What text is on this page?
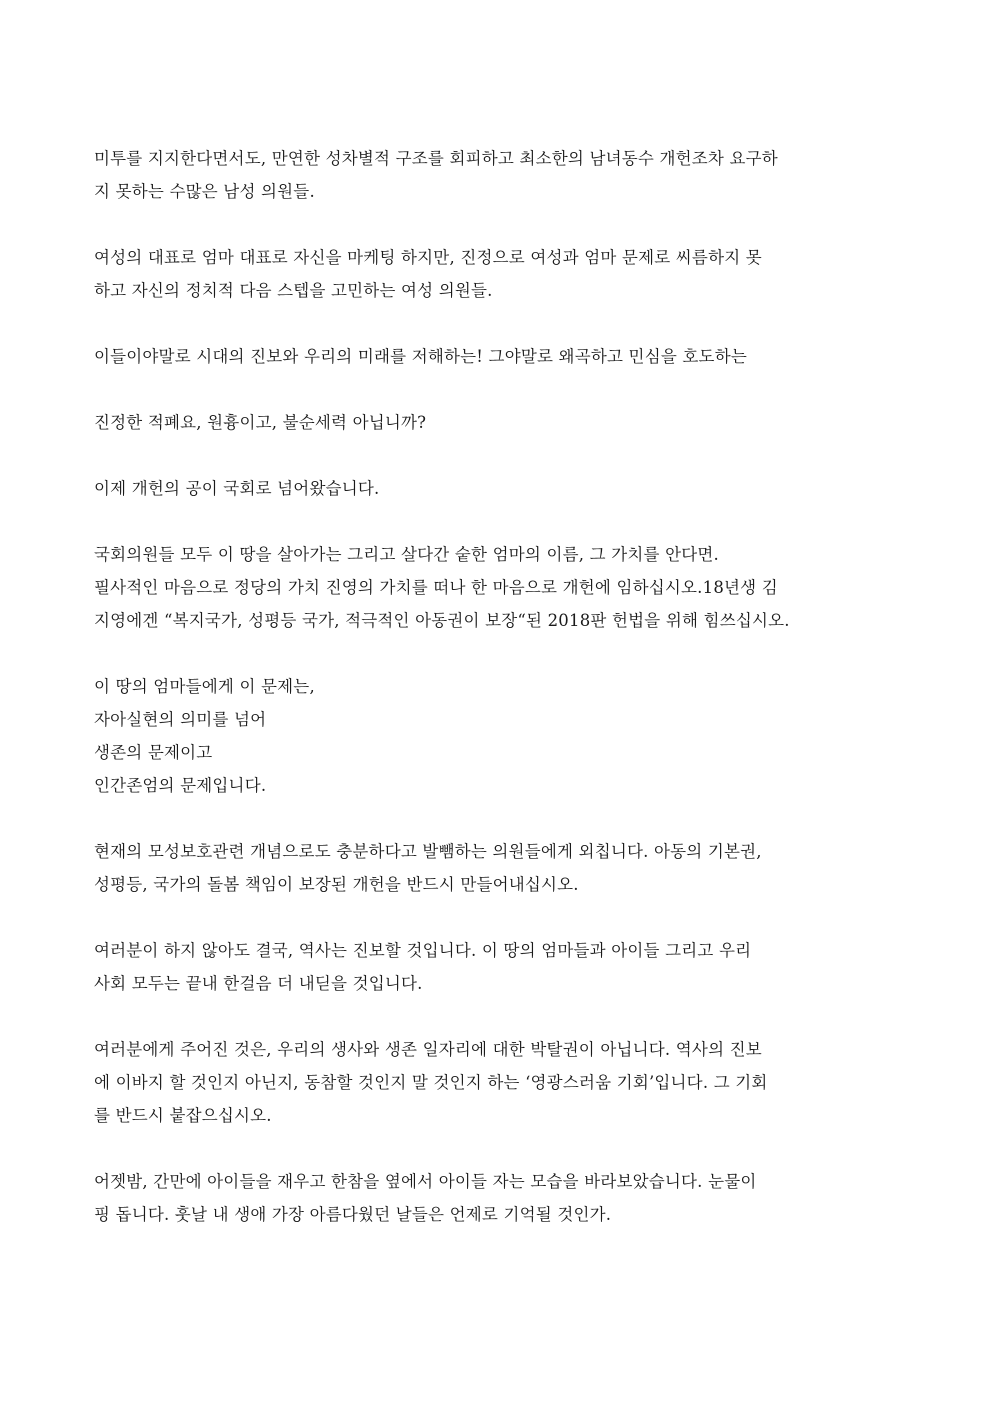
미투를 지지한다면서도, 만연한 성차별적 구조를 회피하고 최소한의 남녀동수 개헌조차 요구하
지 못하는 수많은 남성 의원들.

여성의 대표로 엄마 대표로 자신을 마케팅 하지만, 진정으로 여성과 엄마 문제로 씨름하지 못
하고 자신의 정치적 다음 스텝을 고민하는 여성 의원들.

이들이야말로 시대의 진보와 우리의 미래를 저해하는! 그야말로 왜곡하고 민심을 호도하는

진정한 적폐요, 원흉이고, 불순세력 아닙니까?

이제 개헌의 공이 국회로 넘어왔습니다.

국회의원들 모두 이 땅을 살아가는 그리고 살다간 숱한 엄마의 이름, 그 가치를 안다면.
필사적인 마음으로 정당의 가치 진영의 가치를 떠나 한 마음으로 개헌에 임하십시오.18년생 김
지영에겐 “복지국가, 성평등 국가, 적극적인 아동권이 보장“된 2018판 헌법을 위해 힘쓰십시오.

이 땅의 엄마들에게 이 문제는,
자아실현의 의미를 넘어
생존의 문제이고
인간존엄의 문제입니다.

현재의 모성보호관련 개념으로도 충분하다고 발뺌하는 의원들에게 외칩니다. 아동의 기본권,
성평등, 국가의 돌봄 책임이 보장된 개헌을 반드시 만들어내십시오.

여러분이 하지 않아도 결국, 역사는 진보할 것입니다. 이 땅의 엄마들과 아이들 그리고 우리
사회 모두는 끝내 한걸음 더 내딛을 것입니다.

여러분에게 주어진 것은, 우리의 생사와 생존 일자리에 대한 박탈권이 아닙니다. 역사의 진보
에 이바지 할 것인지 아닌지, 동참할 것인지 말 것인지 하는 ‘영광스러움 기회’입니다. 그 기회
를 반드시 붙잡으십시오.

어젯밤, 간만에 아이들을 재우고 한참을 옆에서 아이들 자는 모습을 바라보았습니다. 눈물이
핑 돕니다. 훗날 내 생애 가장 아름다웠던 날들은 언제로 기억될 것인가.
